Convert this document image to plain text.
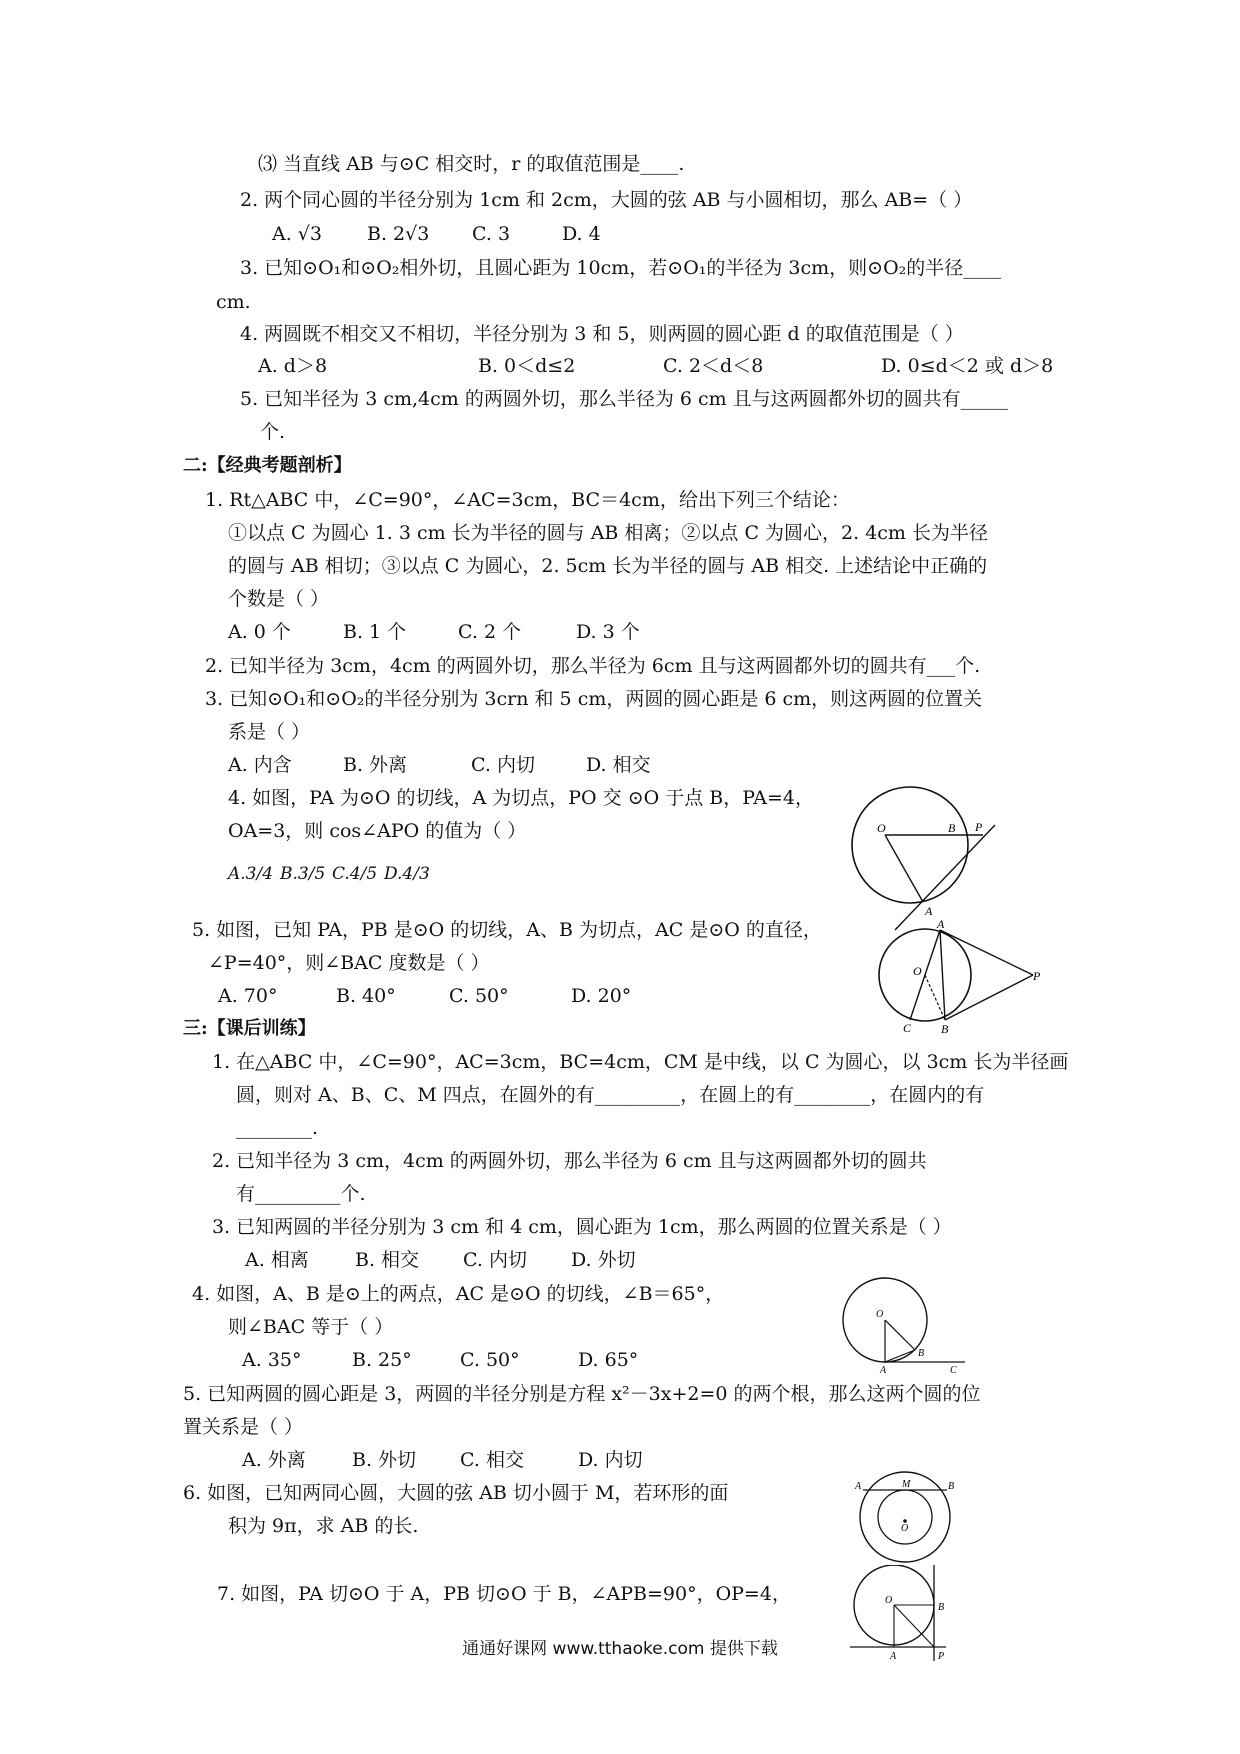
⑶ 当直线 AB 与⊙C 相交时，r 的取值范围是____.
2. 两个同心圆的半径分别为 1cm 和 2cm，大圆的弦 AB 与小圆相切，那么 AB=（ ）
A. √3 B. 2√3 C. 3	D. 4
3. 已知⊙O₁和⊙O₂相外切，且圆心距为 10cm，若⊙O₁的半径为 3cm，则⊙O₂的半径____
cm.
4. 两圆既不相交又不相切，半径分别为 3 和 5，则两圆的圆心距 d 的取值范围是（ ）
A. d＞8	B. 0＜d≤2	C. 2＜d＜8	D. 0≤d＜2 或 d＞8
5. 已知半径为 3 cm,4cm 的两圆外切，那么半径为 6 cm 且与这两圆都外切的圆共有_____
个.
二:【经典考题剖析】
1. Rt△ABC 中，∠C=90°，∠AC=3cm，BC＝4cm，给出下列三个结论：
①以点 C 为圆心 1. 3 cm 长为半径的圆与 AB 相离；②以点 C 为圆心，2. 4cm 长为半径
的圆与 AB 相切；③以点 C 为圆心，2. 5cm 长为半径的圆与 AB 相交. 上述结论中正确的
个数是（ ）
A. 0 个	B. 1 个	C. 2 个	D. 3 个
2. 已知半径为 3cm，4cm 的两圆外切，那么半径为 6cm 且与这两圆都外切的圆共有___个.
3. 已知⊙O₁和⊙O₂的半径分别为 3crn 和 5 cm，两圆的圆心距是 6 cm，则这两圆的位置关
系是（ ）
A. 内含	B. 外离	C. 内切	D. 相交
4. 如图，PA 为⊙O 的切线，A 为切点，PO 交 ⊙O 于点 B，PA=4，
OA=3，则 cos∠APO 的值为（ ）
A.3/4 B.3/5 C.4/5 D.4/3
5. 如图，已知 PA，PB 是⊙O 的切线，A、B 为切点，AC 是⊙O 的直径，
∠P=40°，则∠BAC 度数是（ ）
A. 70°	B. 40°	C. 50°	D. 20°
三:【课后训练】
1. 在△ABC 中，∠C=90°，AC=3cm，BC=4cm，CM 是中线，以 C 为圆心，以 3cm 长为半径画
圆，则对 A、B、C、M 四点，在圆外的有_________，在圆上的有________，在圆内的有
________.
2. 已知半径为 3 cm，4cm 的两圆外切，那么半径为 6 cm 且与这两圆都外切的圆共
有_________个.
3. 已知两圆的半径分别为 3 cm 和 4 cm，圆心距为 1cm，那么两圆的位置关系是（ ）
A. 相离 B. 相交 C. 内切 D. 外切
4. 如图，A、B 是⊙上的两点，AC 是⊙O 的切线，∠B＝65°，
则∠BAC 等于（ ）
A. 35°	B. 25°	C. 50°	D. 65°
5. 已知两圆的圆心距是 3，两圆的半径分别是方程 x²－3x+2=0 的两个根，那么这两个圆的位
置关系是（ ）
A. 外离 B. 外切 C. 相交	D. 内切
6. 如图，已知两同心圆，大圆的弦 AB 切小圆于 M，若环形的面
积为 9π，求 AB 的长.
7. 如图，PA 切⊙O 于 A，PB 切⊙O 于 B，∠APB=90°，OP=4，
O	B P
A
A
O	P
C B
O
A
B
C
A	M	B
O
O
B
A	P
通通好课网 www.tthaoke.com 提供下载
